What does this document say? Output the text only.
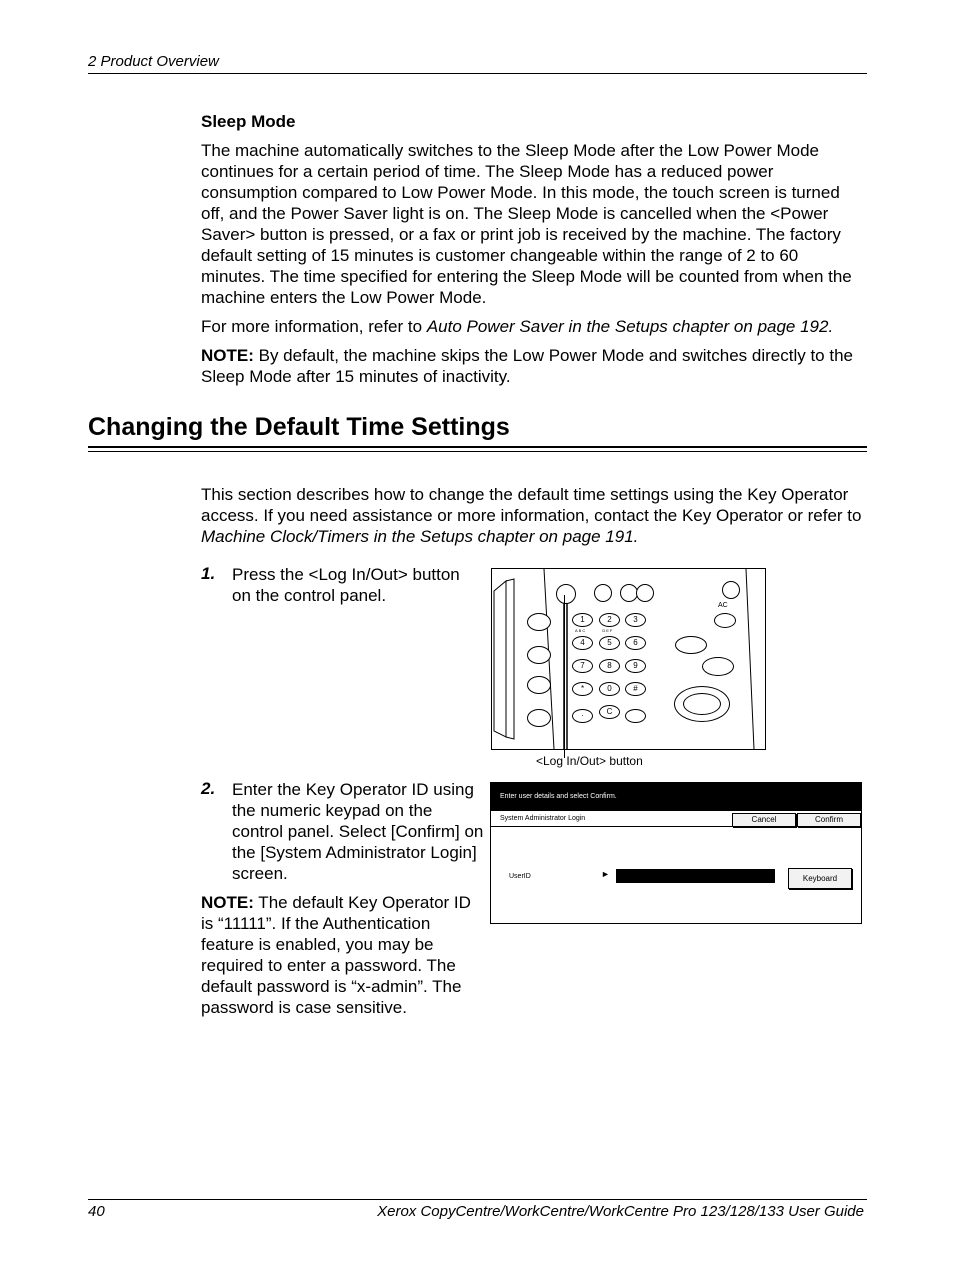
2 Product Overview

Sleep Mode

The machine automatically switches to the Sleep Mode after the Low Power Mode continues for a certain period of time. The Sleep Mode has a reduced power consumption compared to Low Power Mode. In this mode, the touch screen is turned off, and the Power Saver light is on. The Sleep Mode is cancelled when the <Power Saver> button is pressed, or a fax or print job is received by the machine. The factory default setting of 15 minutes is customer changeable within the range of 2 to 60 minutes. The time specified for entering the Sleep Mode will be counted from when the machine enters the Low Power Mode.

For more information, refer to Auto Power Saver in the Setups chapter on page 192.

NOTE: By default, the machine skips the Low Power Mode and switches directly to the Sleep Mode after 15 minutes of inactivity.

Changing the Default Time Settings
This section describes how to change the default time settings using the Key Operator access. If you need assistance or more information, contact the Key Operator or refer to Machine Clock/Timers in the Setups chapter on page 191.
1. Press the <Log In/Out> button on the control panel.
1	2	3
4	5	6
7	8	9
*	0	#
·	C
ABC	DEF
AC
<Log In/Out> button
2. Enter the Key Operator ID using the numeric keypad on the control panel. Select [Confirm] on the [System Administrator Login] screen.
NOTE: The default Key Operator ID is “11111”. If the Authentication feature is enabled, you may be required to enter a password. The default password is “x-admin”. The password is case sensitive.
Enter user details and select Confirm.
System Administrator Login	Cancel	Confirm
UserID	►	Keyboard
40	Xerox CopyCentre/WorkCentre/WorkCentre Pro 123/128/133 User Guide
